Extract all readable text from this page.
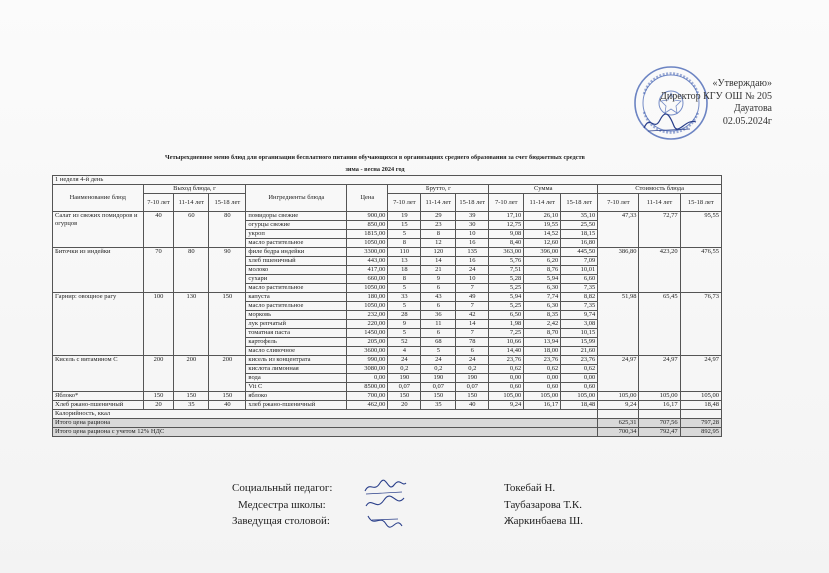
«Утверждаю»
Директор КГУ ОШ № 205
Дауатова
02.05.2024г
Четырехдневное меню блюд для организации бесплатного питания обучающихся в организациях среднего образования за счет бюджетных средств
зима - весна 2024 год
1 неделя 4-й день														
Наименование блюд	Выход блюда, г			Ингредиенты блюда	Цена	Брутто, г			Сумма			Стоимость блюда		
	7-10 лет	11-14 лет	15-18 лет			7-10 лет	11-14 лет	15-18 лет	7-10 лет	11-14 лет	15-18 лет	7-10 лет	11-14 лет	15-18 лет
Салат из свежих помидоров и огурцов	40	60	80	помидоры свежие	900,00	19	29	39	17,10	26,10	35,10	47,33	72,77	95,55
				огурцы свежие	850,00	15	23	30	12,75	19,55	25,50			
				укроп	1815,00	5	8	10	9,08	14,52	18,15			
				масло растительное	1050,00	8	12	16	8,40	12,60	16,80			
Биточки из индейки	70	80	90	филе бедра индейки	3300,00	110	120	135	363,00	396,00	445,50	386,80	423,20	476,55
				хлеб пшеничный	443,00	13	14	16	5,76	6,20	7,09			
				молоко	417,00	18	21	24	7,51	8,76	10,01			
				сухари	660,00	8	9	10	5,28	5,94	6,60			
				масло растительное	1050,00	5	6	7	5,25	6,30	7,35			
Гарнир: овощное рагу	100	130	150	капуста	180,00	33	43	49	5,94	7,74	8,82	51,98	65,45	76,73
				масло растительное	1050,00	5	6	7	5,25	6,30	7,35			
				морковь	232,00	28	36	42	6,50	8,35	9,74			
				лук репчатый	220,00	9	11	14	1,98	2,42	3,08			
				томатная паста	1450,00	5	6	7	7,25	8,70	10,15			
				картофель	205,00	52	68	78	10,66	13,94	15,99			
				масло сливочное	3600,00	4	5	6	14,40	18,00	21,60			
Кисель с витамином С	200	200	200	кисель из концентрата	990,00	24	24	24	23,76	23,76	23,76	24,97	24,97	24,97
				кислота лимонная	3080,00	0,2	0,2	0,2	0,62	0,62	0,62			
				вода	0,00	190	190	190	0,00	0,00	0,00			
				Vit C	8500,00	0,07	0,07	0,07	0,60	0,60	0,60			
Яблоко*	150	150	150	яблоко	700,00	150	150	150	105,00	105,00	105,00	105,00	105,00	105,00
Хлеб ржано-пшеничный	20	35	40	хлеб ржано-пшеничный	462,00	20	35	40	9,24	16,17	18,48	9,24	16,17	18,48
Калорийность, ккал														
Итого цена рациона												625,31	707,56	797,28
Итого цена рациона с учетом 12% НДС												700,34	792,47	892,95
Социальный педагог:	Токебай Н.
Медсестра школы:	Таубазарова Т.К.
Заведущая столовой:	Жаркинбаева Ш.
